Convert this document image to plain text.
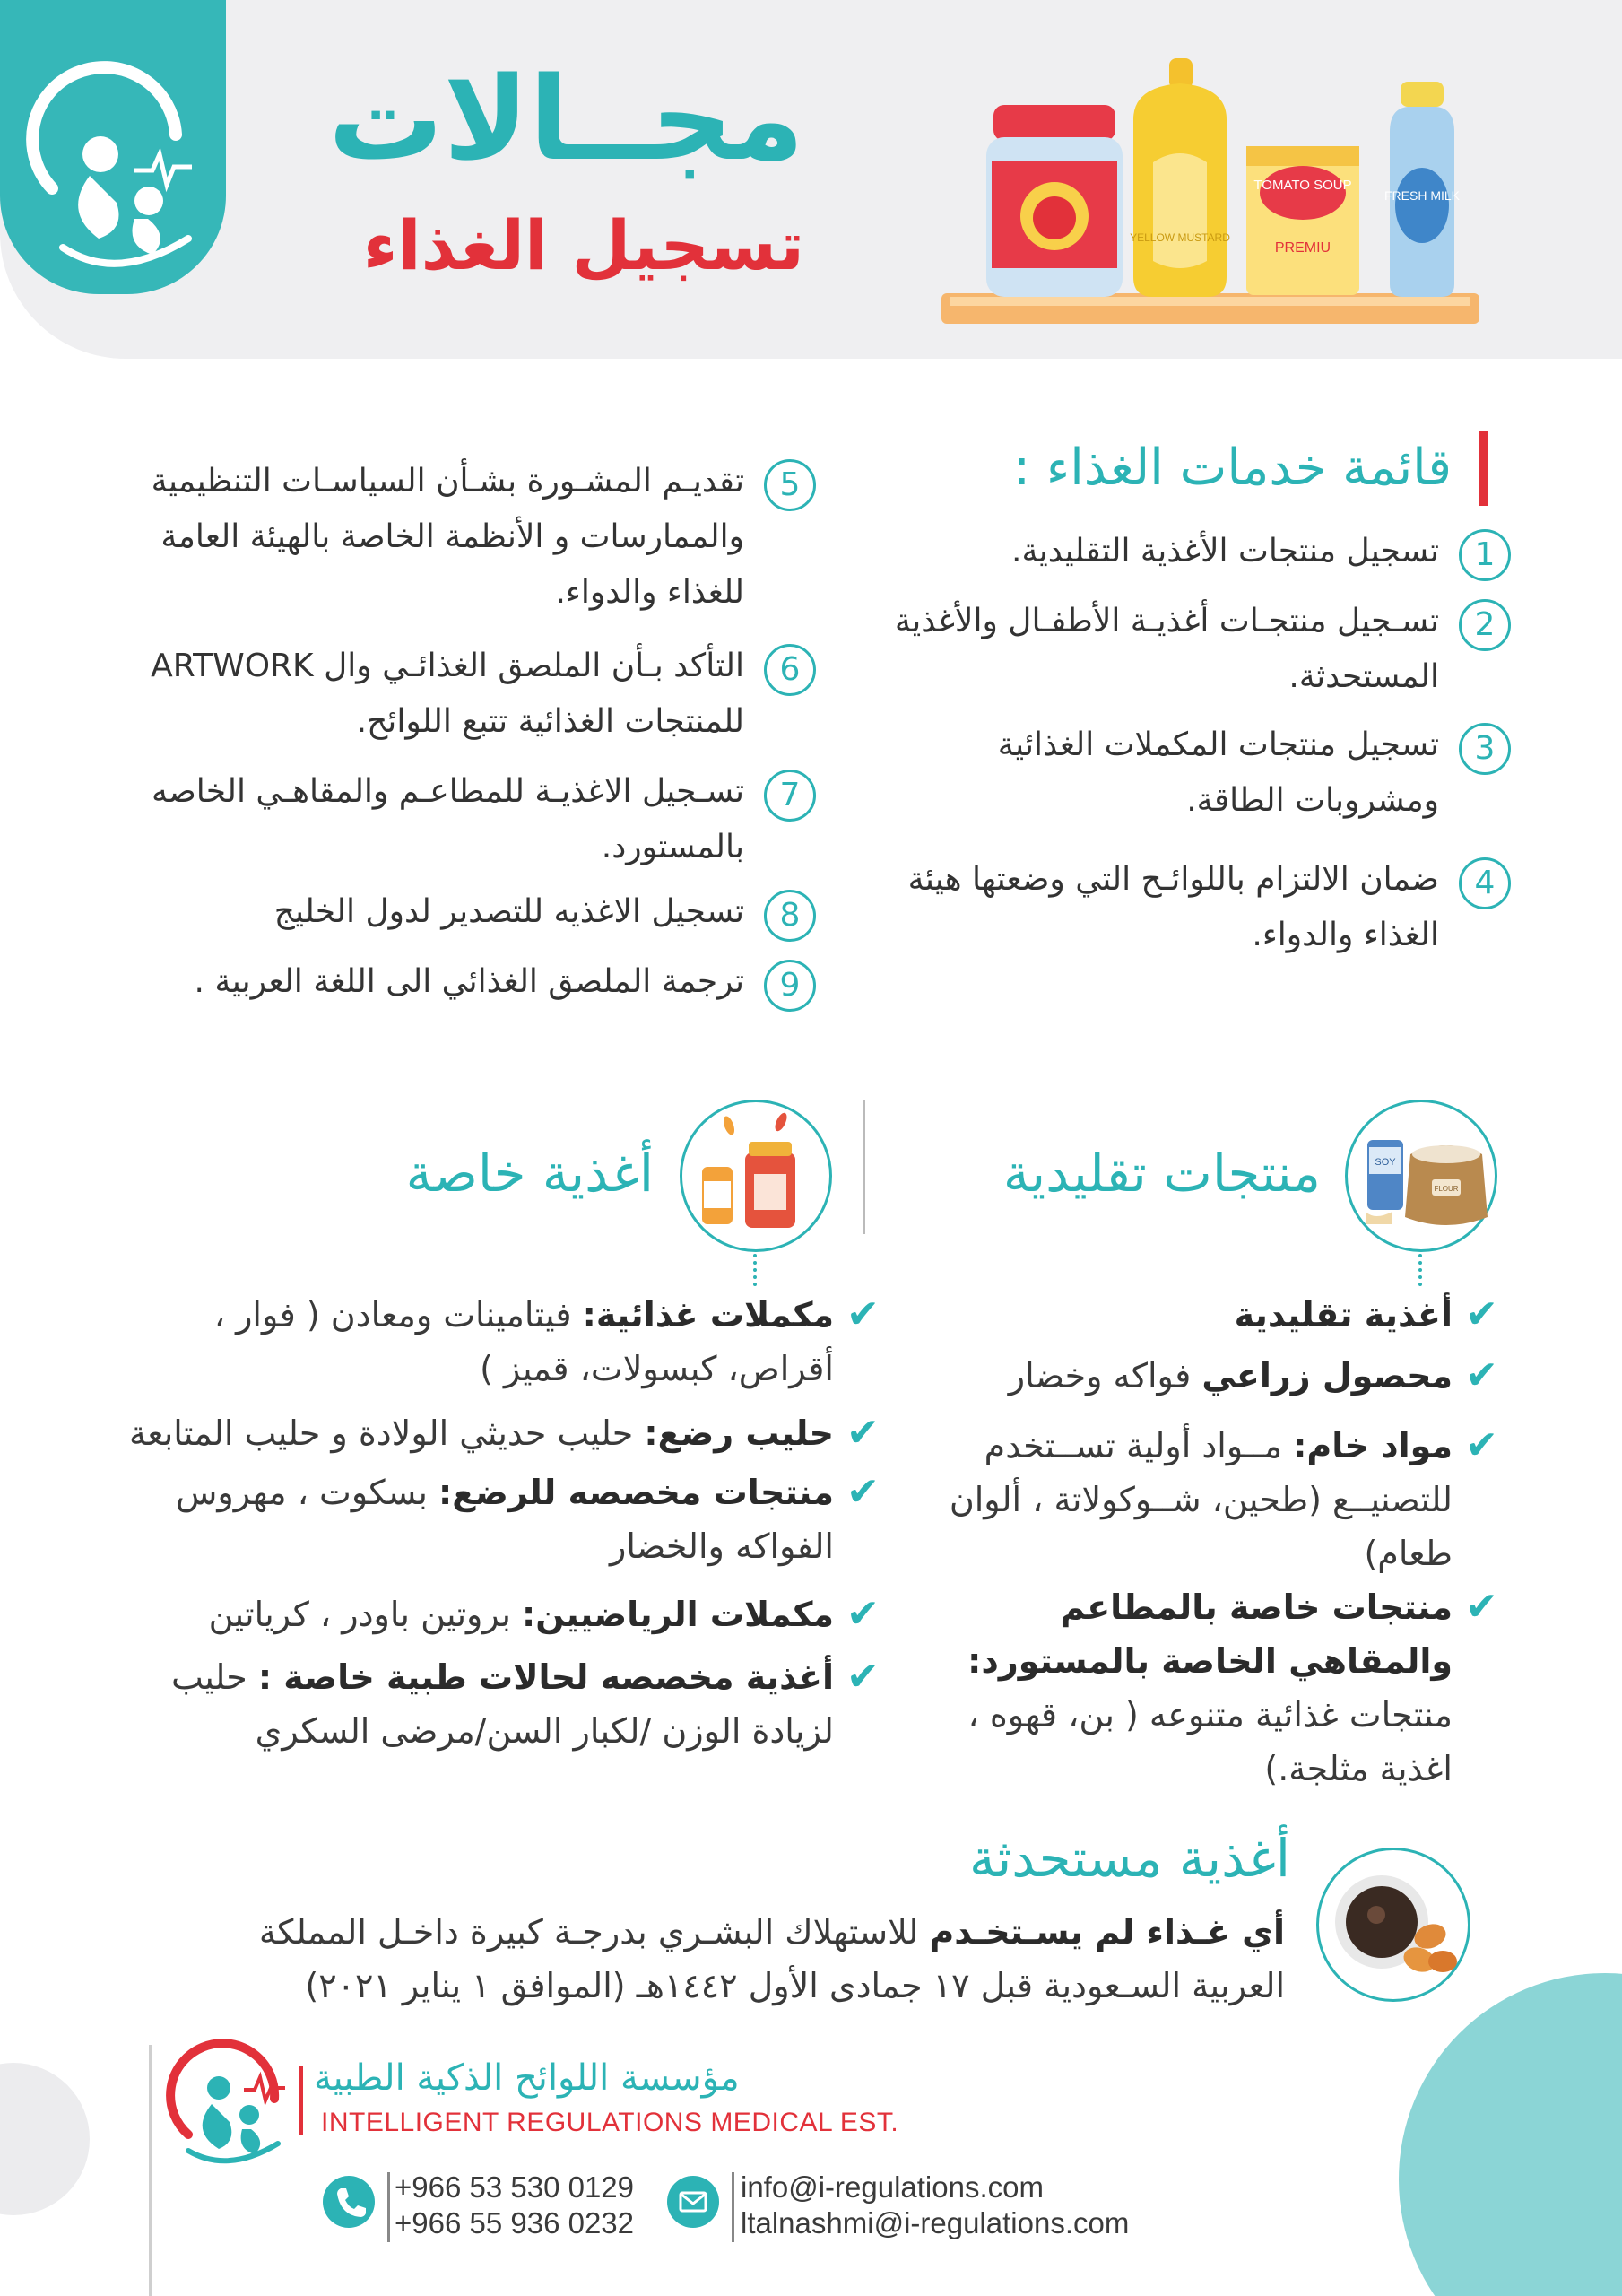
مجــالات
تسجيل الغذاء	YELLOW MUSTARD
TOMATO SOUP
PREMIU
FRESH MILK
قائمة خدمات الغذاء :
تسجيل منتجات الأغذية التقليدية.	1
تسـجيل منتجـات أغذيـة الأطفـال والأغذية المستحدثة.
2
تسجيل منتجات المكملات الغذائية ومشروبات الطاقة.
3
ضمان الالتزام باللوائـح التي وضعتها هيئة الغذاء والدواء.
4
تقديـم المشـورة بشـأن السياسـات التنظيمية والممارسات و الأنظمة الخاصة بالهيئة العامة للغذاء والدواء.
5
التأكد بـأن الملصق الغذائـي وال ARTWORK للمنتجات الغذائية تتبع اللوائح.
6
تسـجيل الاغذيـة للمطاعـم والمقاهـي الخاصه بالمستورد.
7
تسجيل الاغذيه للتصدير لدول الخليج	8
ترجمة الملصق الغذائي الى اللغة العربية .	9
SOY
FLOUR
منتجات تقليدية
أغذية خاصة
أغذية تقليدية ✔
محصول زراعي فواكه وخضار	✔
مواد خام: مــواد أولية تســتخدم للتصنيــع (طحين، شــوكولاتة ، ألوان طعام)
✔
منتجات خاصة بالمطاعم والمقاهي الخاصة بالمستورد: منتجات غذائية متنوعه ( بن، قهوه ، اغذية مثلجة.)
✔
مكملات غذائية: فيتامينات ومعادن ( فوار ، أقراص، كبسولات، قميز )
✔
حليب رضع: حليب حديثي الولادة و حليب المتابعة	✔
منتجات مخصصه للرضع: بسكوت ، مهروس الفواكه والخضار
✔
مكملات الرياضيين: بروتين باودر ، كرياتين	✔
أغذية مخصصه لحالات طبية خاصة : حليب لزيادة الوزن /لكبار السن/مرضى السكري
✔
أغذية مستحدثة
أي غـذاء لم يسـتخـدم للاستهلاك البشـري بدرجـة كبيرة داخـل المملكة العربية السـعودية قبل ١٧ جمادى الأول ١٤٤٢هـ (الموافق ١ يناير ٢٠٢١)
مؤسسة اللوائح الذكية الطبية
INTELLIGENT REGULATIONS MEDICAL EST.
+966 53 530 0129
+966 55 936 0232
info@i-regulations.com
ltalnashmi@i-regulations.com
